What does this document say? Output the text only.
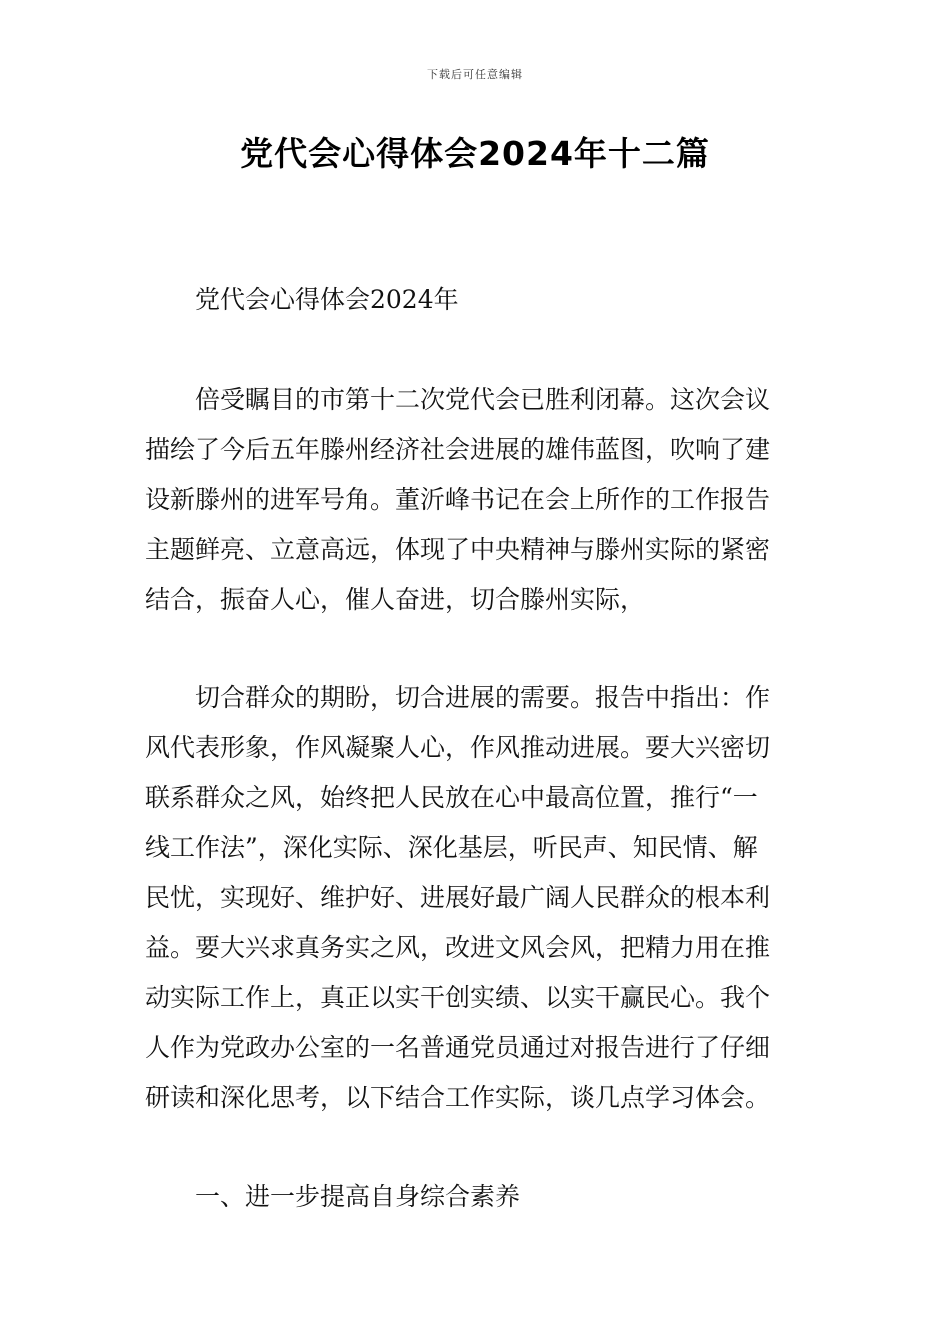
下载后可任意编辑
党代会心得体会2024年十二篇
党代会心得体会2024年
倍受瞩目的市第十二次党代会已胜利闭幕。这次会议
描绘了今后五年滕州经济社会进展的雄伟蓝图，吹响了建
设新滕州的进军号角。董沂峰书记在会上所作的工作报告
主题鲜亮、立意高远，体现了中央精神与滕州实际的紧密
结合，振奋人心，催人奋进，切合滕州实际，
切合群众的期盼，切合进展的需要。报告中指出：作
风代表形象，作风凝聚人心，作风推动进展。要大兴密切
联系群众之风，始终把人民放在心中最高位置，推行“一
线工作法”，深化实际、深化基层，听民声、知民情、解
民忧，实现好、维护好、进展好最广阔人民群众的根本利
益。要大兴求真务实之风，改进文风会风，把精力用在推
动实际工作上，真正以实干创实绩、以实干赢民心。我个
人作为党政办公室的一名普通党员通过对报告进行了仔细
研读和深化思考，以下结合工作实际，谈几点学习体会。
一、进一步提高自身综合素养
